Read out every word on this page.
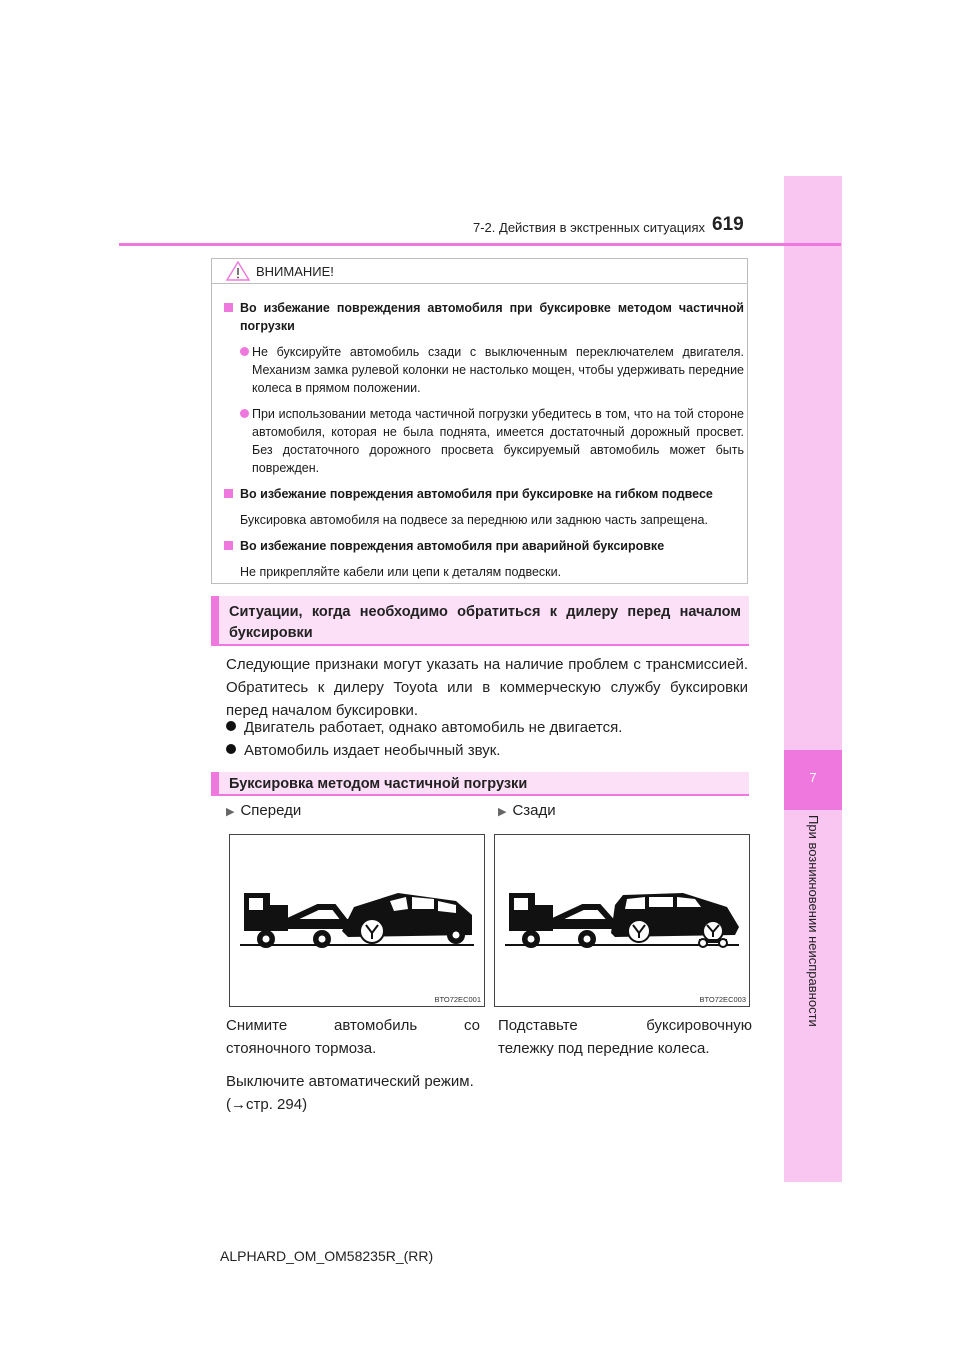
7
При возникновении неисправности
7-2. Действия в экстренных ситуациях 619
ВНИМАНИЕ!
Во избежание повреждения автомобиля при буксировке методом частичной погрузки
Не буксируйте автомобиль сзади с выключенным переключателем двигателя. Механизм замка рулевой колонки не настолько мощен, чтобы удерживать передние колеса в прямом положении.
При использовании метода частичной погрузки убедитесь в том, что на той стороне автомобиля, которая не была поднята, имеется достаточный дорожный просвет. Без достаточного дорожного просвета буксируемый автомобиль может быть поврежден.
Во избежание повреждения автомобиля при буксировке на гибком подвесе
Буксировка автомобиля на подвесе за переднюю или заднюю часть запрещена.
Во избежание повреждения автомобиля при аварийной буксировке
Не прикрепляйте кабели или цепи к деталям подвески.
Ситуации, когда необходимо обратиться к дилеру перед началом буксировки
Следующие признаки могут указать на наличие проблем с трансмиссией. Обратитесь к дилеру Toyota или в коммерческую службу буксировки перед началом буксировки.
Двигатель работает, однако автомобиль не двигается.
Автомобиль издает необычный звук.
Буксировка методом частичной погрузки
▶ Спереди	▶ Сзади
BTO72EC001	BTO72EC003

Снимите	автомобиль	со
стояночного тормоза.

Выключите автоматический режим.
(→стр. 294)

Подставьте	буксировочную
тележку под передние колеса.

ALPHARD_OM_OM58235R_(RR)
